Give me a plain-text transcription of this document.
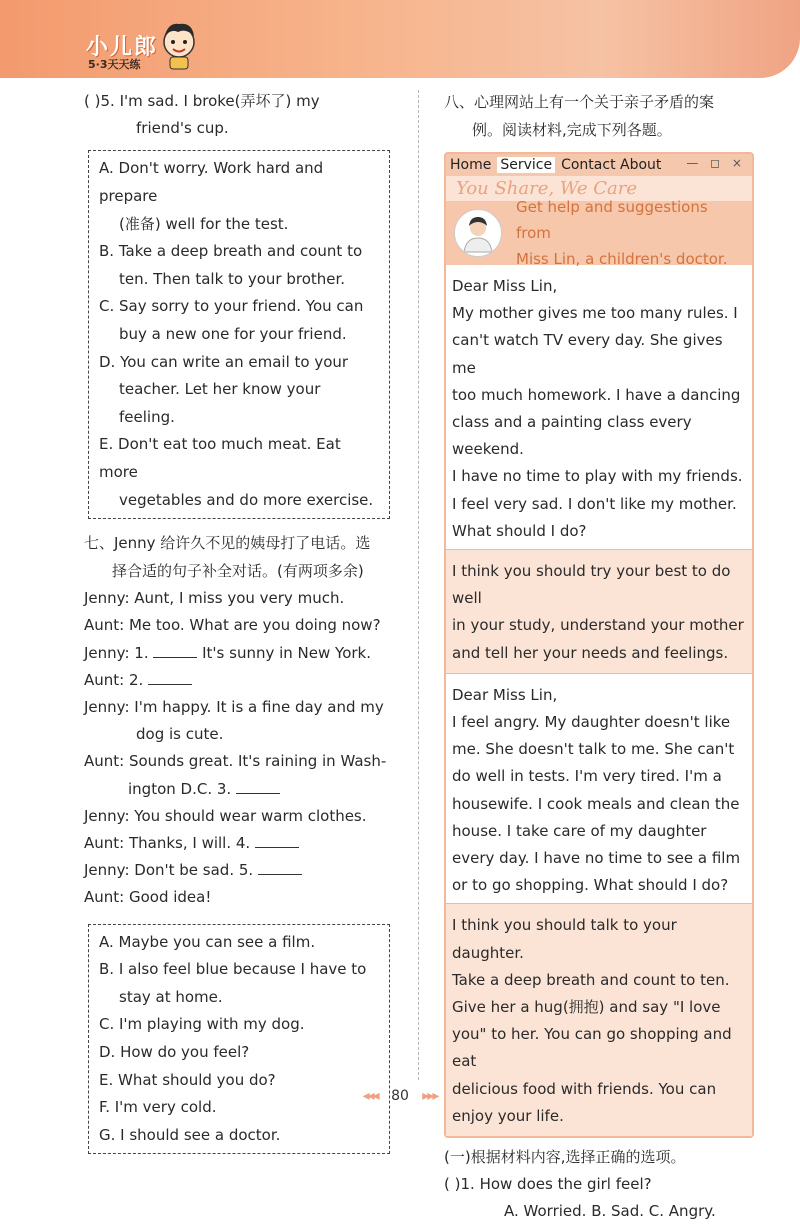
小儿郎
5·3天天练

( )5. I'm sad. I broke(弄坏了) my

friend's cup.

A. Don't worry. Work hard and prepare

(准备) well for the test.

B. Take a deep breath and count to

ten. Then talk to your brother.

C. Say sorry to your friend. You can

buy a new one for your friend.

D. You can write an email to your

teacher. Let her know your feeling.

E. Don't eat too much meat. Eat more

vegetables and do more exercise.

七、Jenny 给许久不见的姨母打了电话。选

择合适的句子补全对话。(有两项多余)

Jenny: Aunt, I miss you very much.

Aunt: Me too. What are you doing now?

Jenny: 1.	It's sunny in New York.

Aunt: 2.

Jenny: I'm happy. It is a fine day and my

dog is cute.

Aunt: Sounds great. It's raining in Wash-

ington D.C. 3.

Jenny: You should wear warm clothes.

Aunt: Thanks, I will. 4.

Jenny: Don't be sad. 5.

Aunt: Good idea!

A. Maybe you can see a film.

B. I also feel blue because I have to

stay at home.

C. I'm playing with my dog.

D. How do you feel?

E. What should you do?

F. I'm very cold.

G. I should see a doctor.

八、心理网站上有一个关于亲子矛盾的案

例。阅读材料,完成下列各题。

Home Service Contact About — ◻ ×
You Share, We Care

Get help and suggestions from

Miss Lin, a children's doctor.

Dear Miss Lin,

My mother gives me too many rules. I

can't watch TV every day. She gives me

too much homework. I have a dancing

class and a painting class every weekend.

I have no time to play with my friends.

I feel very sad. I don't like my mother.

What should I do?

I think you should try your best to do well

in your study, understand your mother

and tell her your needs and feelings.

Dear Miss Lin,

I feel angry. My daughter doesn't like

me. She doesn't talk to me. She can't

do well in tests. I'm very tired. I'm a

housewife. I cook meals and clean the

house. I take care of my daughter

every day. I have no time to see a film

or to go shopping. What should I do?

I think you should talk to your daughter.

Take a deep breath and count to ten.

Give her a hug(拥抱) and say "I love

you" to her. You can go shopping and eat

delicious food with friends. You can

enjoy your life.

(一)根据材料内容,选择正确的选项。

( )1. How does the girl feel?

A. Worried. B. Sad. C. Angry.

◂◂◂ 80 ▸▸▸
